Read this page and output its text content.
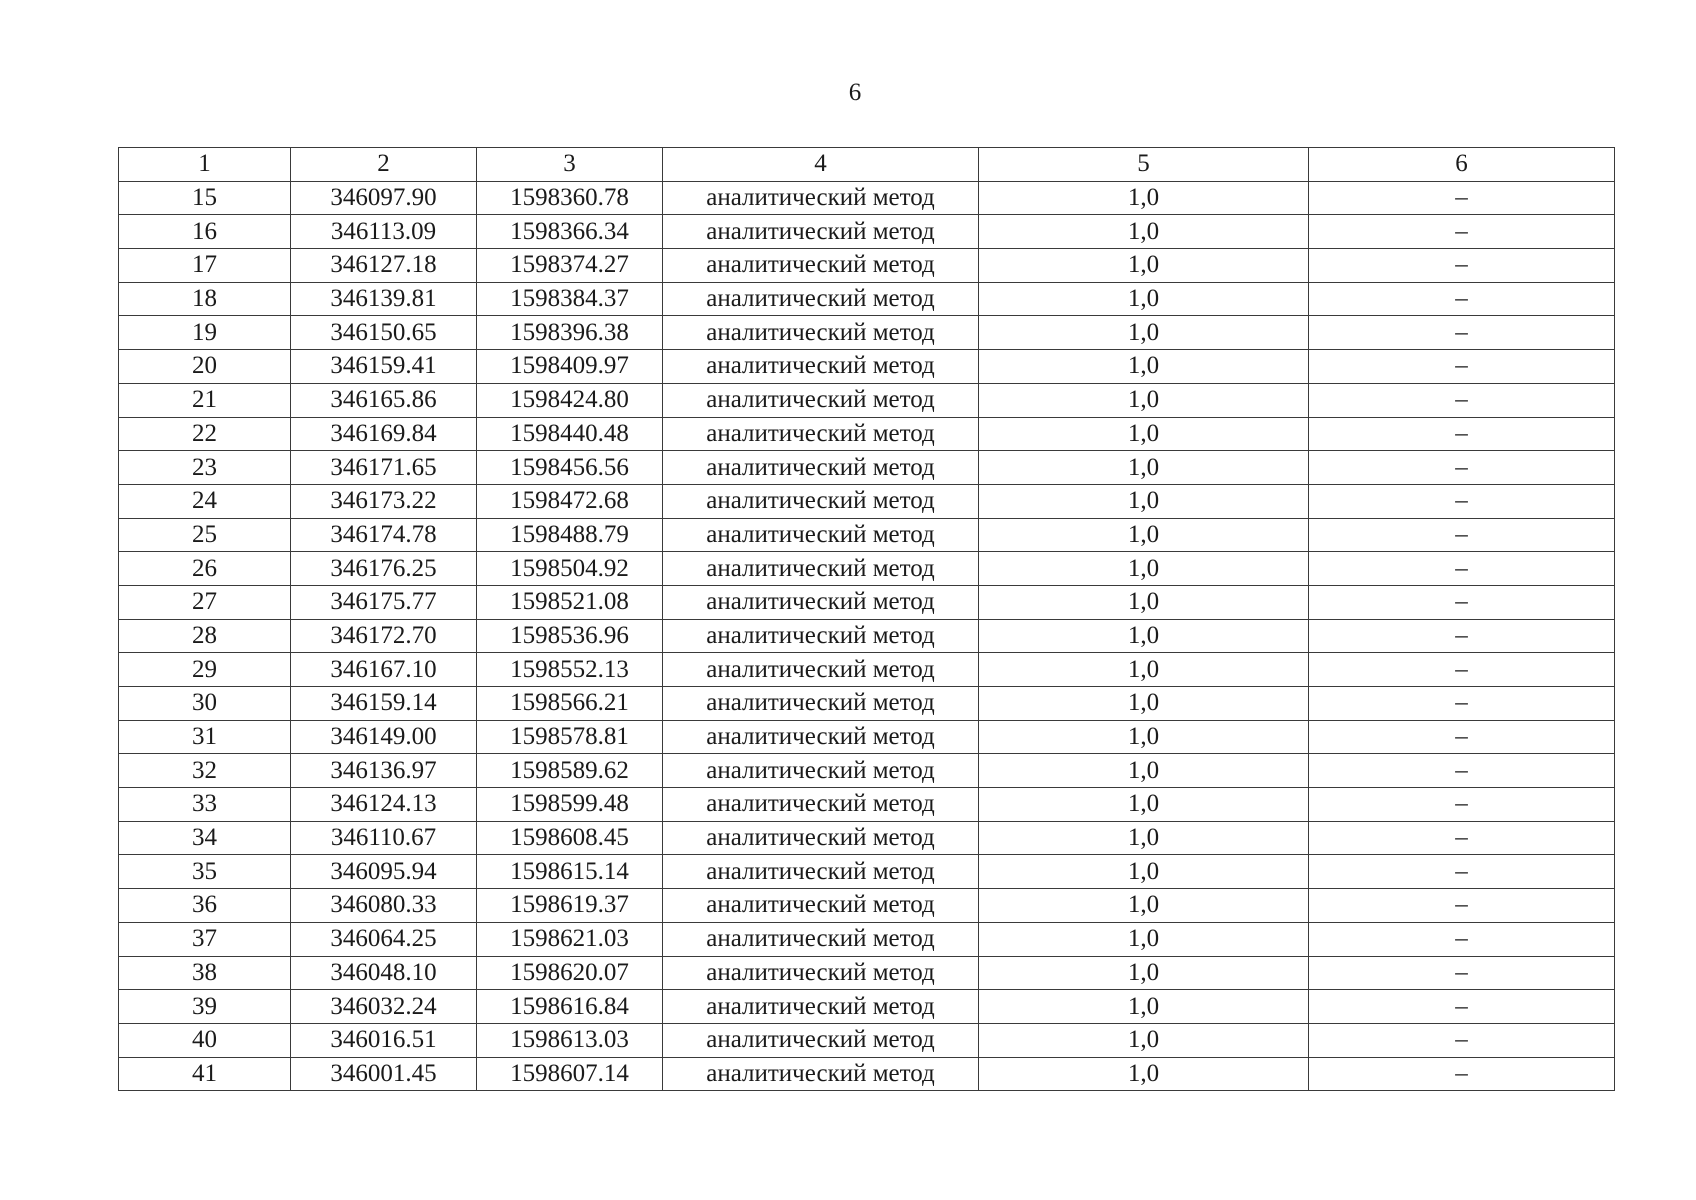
6
1	2	3	4	5	6
15	346097.90	1598360.78	аналитический метод	1,0	–
16	346113.09	1598366.34	аналитический метод	1,0	–
17	346127.18	1598374.27	аналитический метод	1,0	–
18	346139.81	1598384.37	аналитический метод	1,0	–
19	346150.65	1598396.38	аналитический метод	1,0	–
20	346159.41	1598409.97	аналитический метод	1,0	–
21	346165.86	1598424.80	аналитический метод	1,0	–
22	346169.84	1598440.48	аналитический метод	1,0	–
23	346171.65	1598456.56	аналитический метод	1,0	–
24	346173.22	1598472.68	аналитический метод	1,0	–
25	346174.78	1598488.79	аналитический метод	1,0	–
26	346176.25	1598504.92	аналитический метод	1,0	–
27	346175.77	1598521.08	аналитический метод	1,0	–
28	346172.70	1598536.96	аналитический метод	1,0	–
29	346167.10	1598552.13	аналитический метод	1,0	–
30	346159.14	1598566.21	аналитический метод	1,0	–
31	346149.00	1598578.81	аналитический метод	1,0	–
32	346136.97	1598589.62	аналитический метод	1,0	–
33	346124.13	1598599.48	аналитический метод	1,0	–
34	346110.67	1598608.45	аналитический метод	1,0	–
35	346095.94	1598615.14	аналитический метод	1,0	–
36	346080.33	1598619.37	аналитический метод	1,0	–
37	346064.25	1598621.03	аналитический метод	1,0	–
38	346048.10	1598620.07	аналитический метод	1,0	–
39	346032.24	1598616.84	аналитический метод	1,0	–
40	346016.51	1598613.03	аналитический метод	1,0	–
41	346001.45	1598607.14	аналитический метод	1,0	–
